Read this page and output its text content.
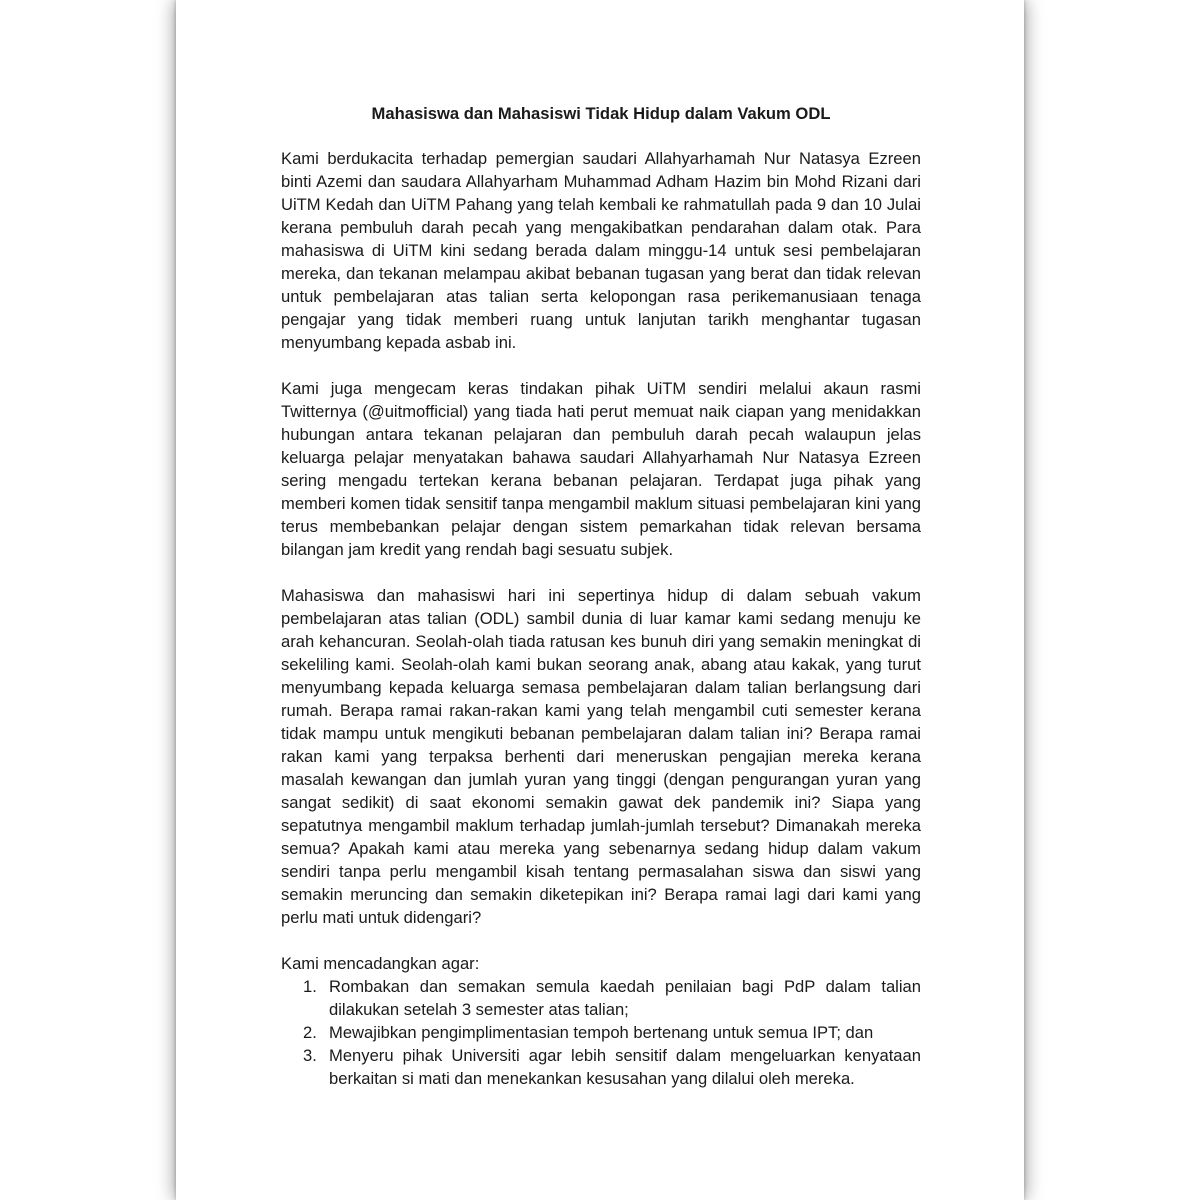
Mahasiswa dan Mahasiswi Tidak Hidup dalam Vakum ODL

Kami berdukacita terhadap pemergian saudari Allahyarhamah Nur Natasya Ezreen binti Azemi dan saudara Allahyarham Muhammad Adham Hazim bin Mohd Rizani dari UiTM Kedah dan UiTM Pahang yang telah kembali ke rahmatullah pada 9 dan 10 Julai kerana pembuluh darah pecah yang mengakibatkan pendarahan dalam otak. Para mahasiswa di UiTM kini sedang berada dalam minggu-14 untuk sesi pembelajaran mereka, dan tekanan melampau akibat bebanan tugasan yang berat dan tidak relevan untuk pembelajaran atas talian serta kelopongan rasa perikemanusiaan tenaga pengajar yang tidak memberi ruang untuk lanjutan tarikh menghantar tugasan menyumbang kepada asbab ini.

Kami juga mengecam keras tindakan pihak UiTM sendiri melalui akaun rasmi Twitternya (@uitmofficial) yang tiada hati perut memuat naik ciapan yang menidakkan hubungan antara tekanan pelajaran dan pembuluh darah pecah walaupun jelas keluarga pelajar menyatakan bahawa saudari Allahyarhamah Nur Natasya Ezreen sering mengadu tertekan kerana bebanan pelajaran. Terdapat juga pihak yang memberi komen tidak sensitif tanpa mengambil maklum situasi pembelajaran kini yang terus membebankan pelajar dengan sistem pemarkahan tidak relevan bersama bilangan jam kredit yang rendah bagi sesuatu subjek.

Mahasiswa dan mahasiswi hari ini sepertinya hidup di dalam sebuah vakum pembelajaran atas talian (ODL) sambil dunia di luar kamar kami sedang menuju ke arah kehancuran. Seolah-olah tiada ratusan kes bunuh diri yang semakin meningkat di sekeliling kami. Seolah-olah kami bukan seorang anak, abang atau kakak, yang turut menyumbang kepada keluarga semasa pembelajaran dalam talian berlangsung dari rumah. Berapa ramai rakan-rakan kami yang telah mengambil cuti semester kerana tidak mampu untuk mengikuti bebanan pembelajaran dalam talian ini? Berapa ramai rakan kami yang terpaksa berhenti dari meneruskan pengajian mereka kerana masalah kewangan dan jumlah yuran yang tinggi (dengan pengurangan yuran yang sangat sedikit) di saat ekonomi semakin gawat dek pandemik ini? Siapa yang sepatutnya mengambil maklum terhadap jumlah-jumlah tersebut? Dimanakah mereka semua? Apakah kami atau mereka yang sebenarnya sedang hidup dalam vakum sendiri tanpa perlu mengambil kisah tentang permasalahan siswa dan siswi yang semakin meruncing dan semakin diketepikan ini? Berapa ramai lagi dari kami yang perlu mati untuk didengari?

Kami mencadangkan agar:

1. Rombakan dan semakan semula kaedah penilaian bagi PdP dalam talian dilakukan setelah 3 semester atas talian;
2. Mewajibkan pengimplimentasian tempoh bertenang untuk semua IPT; dan
3. Menyeru pihak Universiti agar lebih sensitif dalam mengeluarkan kenyataan berkaitan si mati dan menekankan kesusahan yang dilalui oleh mereka.
